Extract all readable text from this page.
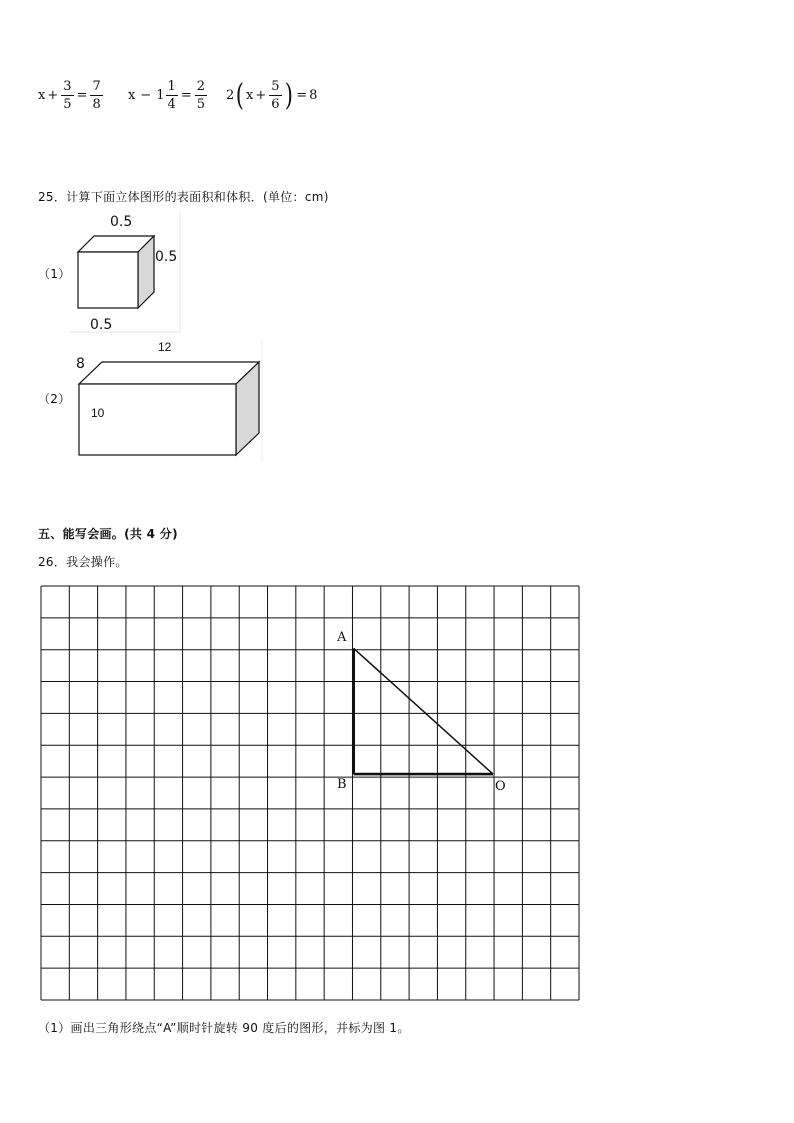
$x + \frac{3}{5} = \frac{7}{8}$ $x - 1 \frac{1}{4} = \frac{2}{5} 2$ ( $x + \frac{5}{6}$ ) = 8
25．计算下面立体图形的表面积和体积．(单位：cm)
（1）
0.5
0.5
0.5
（2）
8
12
10
五、能写会画。(共 4 分)
26．我会操作。
A
B	O
（1）画出三角形绕点“A”顺时针旋转 90 度后的图形，并标为图 1。
